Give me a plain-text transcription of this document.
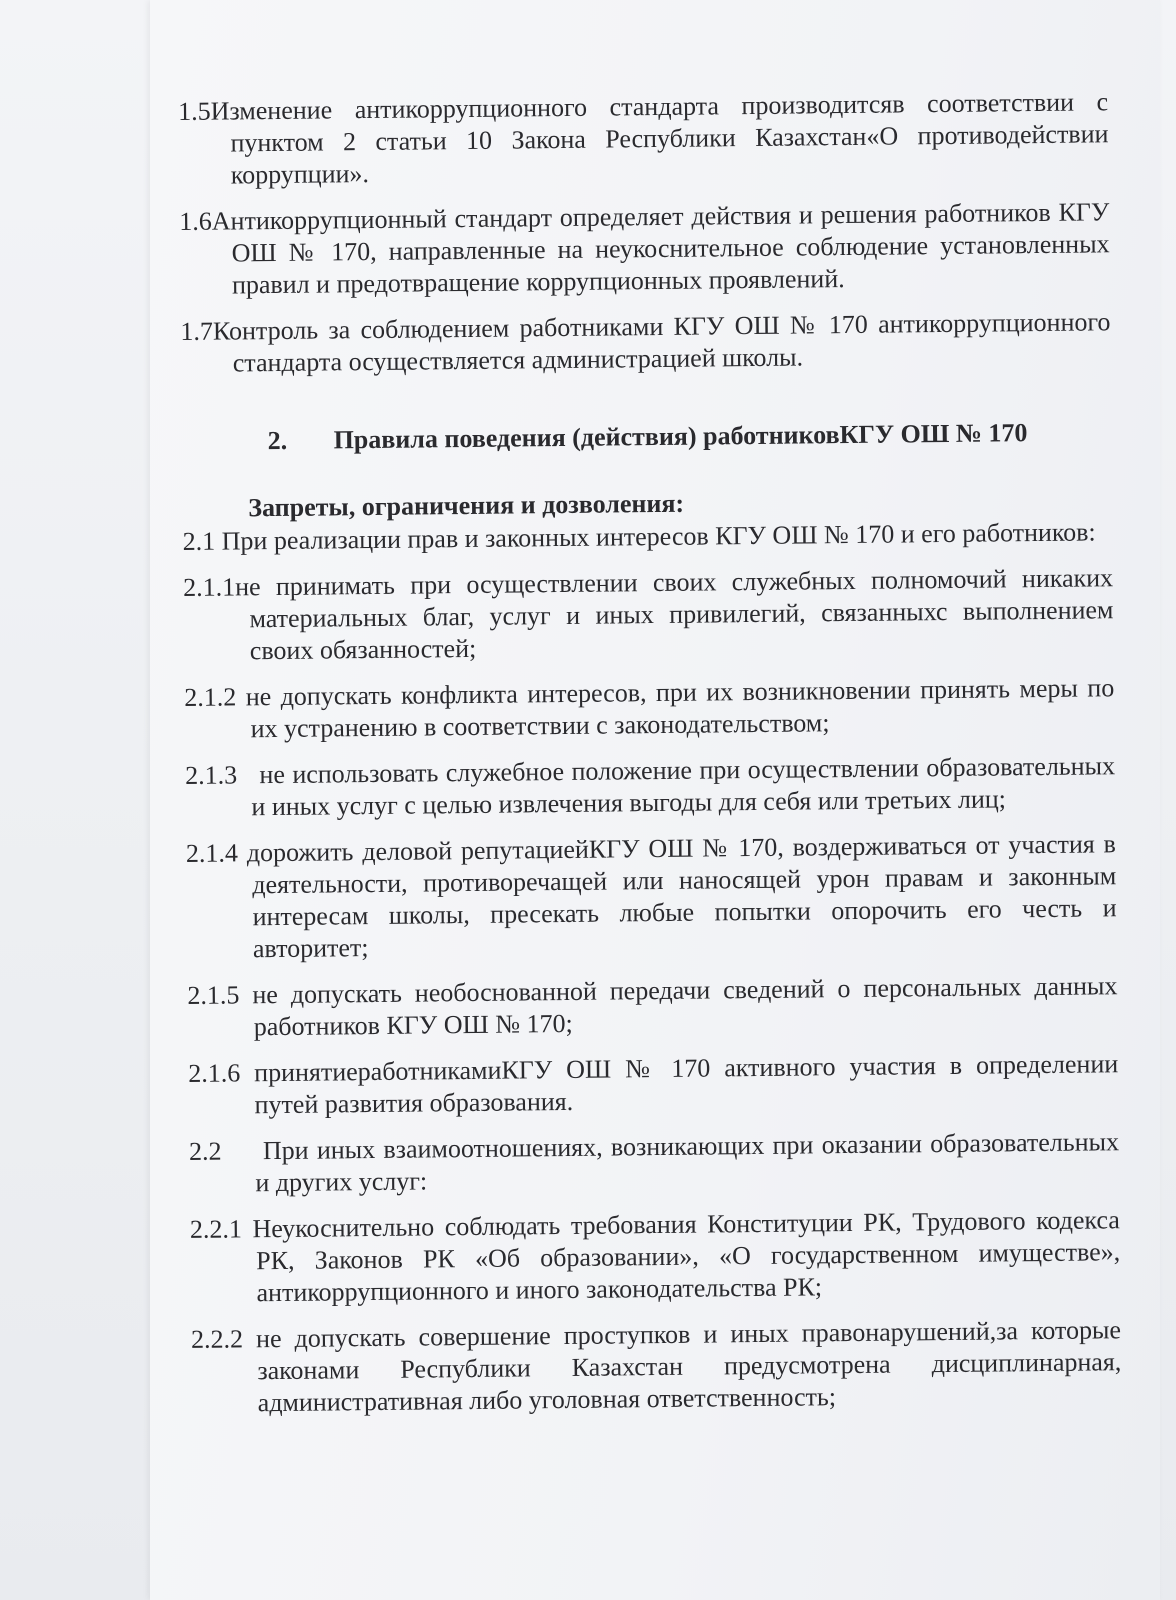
1.5Изменение антикоррупционного стандарта производитсяв соответствии с пунктом 2 статьи 10 Закона Республики Казахстан«О противодействии коррупции».
1.6Антикоррупционный стандарт определяет действия и решения работников КГУ ОШ № 170, направленные на неукоснительное соблюдение установленных правил и предотвращение коррупционных проявлений.
1.7Контроль за соблюдением работниками КГУ ОШ № 170 антикоррупционного стандарта осуществляется администрацией школы.
2. Правила поведения (действия) работниковКГУ ОШ № 170
Запреты, ограничения и дозволения:
2.1 При реализации прав и законных интересов КГУ ОШ № 170 и его работников:
2.1.1не принимать при осуществлении своих служебных полномочий никаких материальных благ, услуг и иных привилегий, связанныхс выполнением своих обязанностей;
2.1.2 не допускать конфликта интересов, при их возникновении принять меры по их устранению в соответствии с законодательством;
2.1.3 не использовать служебное положение при осуществлении образовательных и иных услуг с целью извлечения выгоды для себя или третьих лиц;
2.1.4 дорожить деловой репутациейКГУ ОШ № 170, воздерживаться от участия в деятельности, противоречащей или наносящей урон правам и законным интересам школы, пресекать любые попытки опорочить его честь и авторитет;
2.1.5 не допускать необоснованной передачи сведений о персональных данных работников КГУ ОШ № 170;
2.1.6 принятиеработникамиКГУ ОШ № 170 активного участия в определении путей развития образования.
2.2 При иных взаимоотношениях, возникающих при оказании образовательных и других услуг:
2.2.1 Неукоснительно соблюдать требования Конституции РК, Трудового кодекса РК, Законов РК «Об образовании», «О государственном имуществе», антикоррупционного и иного законодательства РК;
2.2.2 не допускать совершение проступков и иных правонарушений,за которые законами Республики Казахстан предусмотрена дисциплинарная, административная либо уголовная ответственность;
